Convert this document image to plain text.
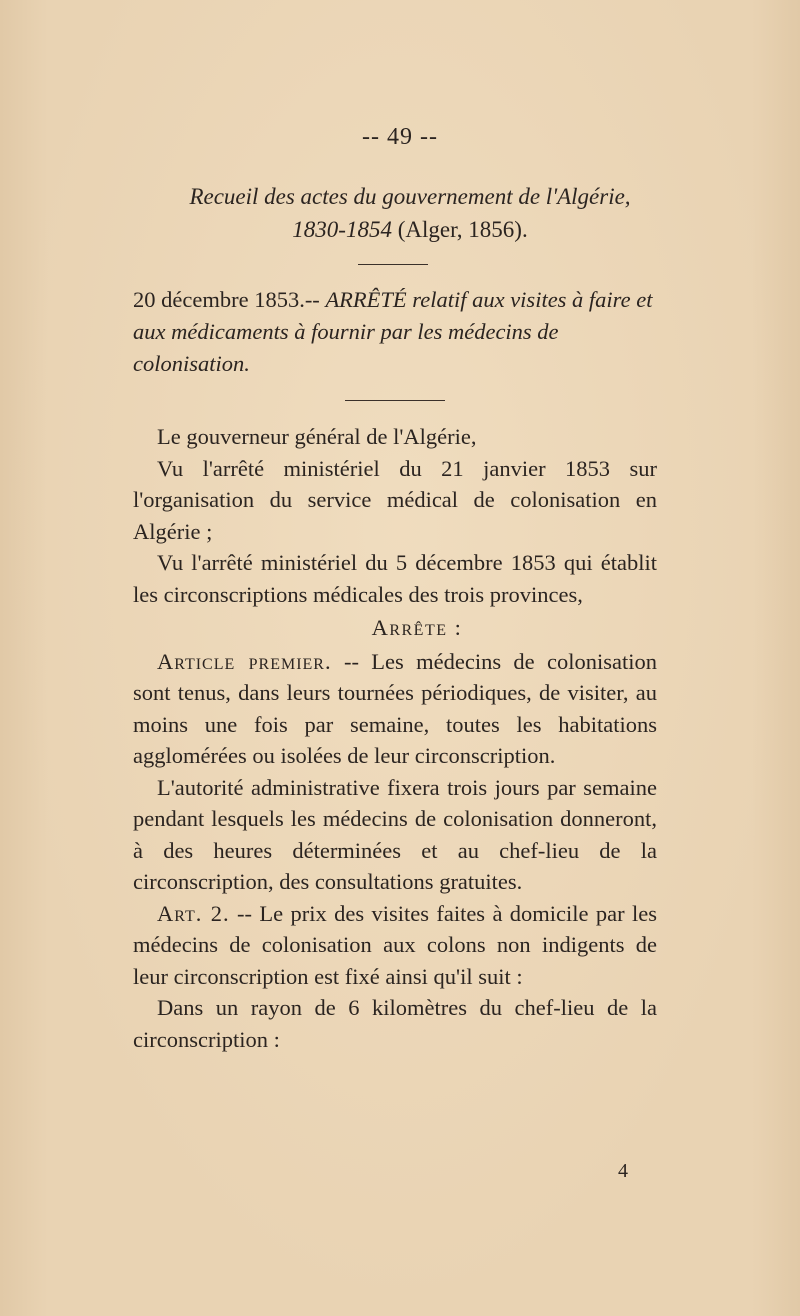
-- 49 --
Recueil des actes du gouvernement de l'Algérie,
1830-1854 (Alger, 1856).
20 décembre 1853.-- ARRÊTÉ relatif aux visites à faire et aux médicaments à fournir par les médecins de colonisation.

Le gouverneur général de l'Algérie,

Vu l'arrêté ministériel du 21 janvier 1853 sur l'organisation du service médical de colonisation en Algérie ;

Vu l'arrêté ministériel du 5 décembre 1853 qui établit les circonscriptions médicales des trois provinces,

Arrête :

Article premier. -- Les médecins de colonisation sont tenus, dans leurs tournées périodiques, de visiter, au moins une fois par semaine, toutes les habitations agglomérées ou isolées de leur circonscription.

L'autorité administrative fixera trois jours par semaine pendant lesquels les médecins de colonisation donneront, à des heures déterminées et au chef-lieu de la circonscription, des consultations gratuites.

Art. 2. -- Le prix des visites faites à domicile par les médecins de colonisation aux colons non indigents de leur circonscription est fixé ainsi qu'il suit :

Dans un rayon de 6 kilomètres du chef-lieu de la circonscription :

4
